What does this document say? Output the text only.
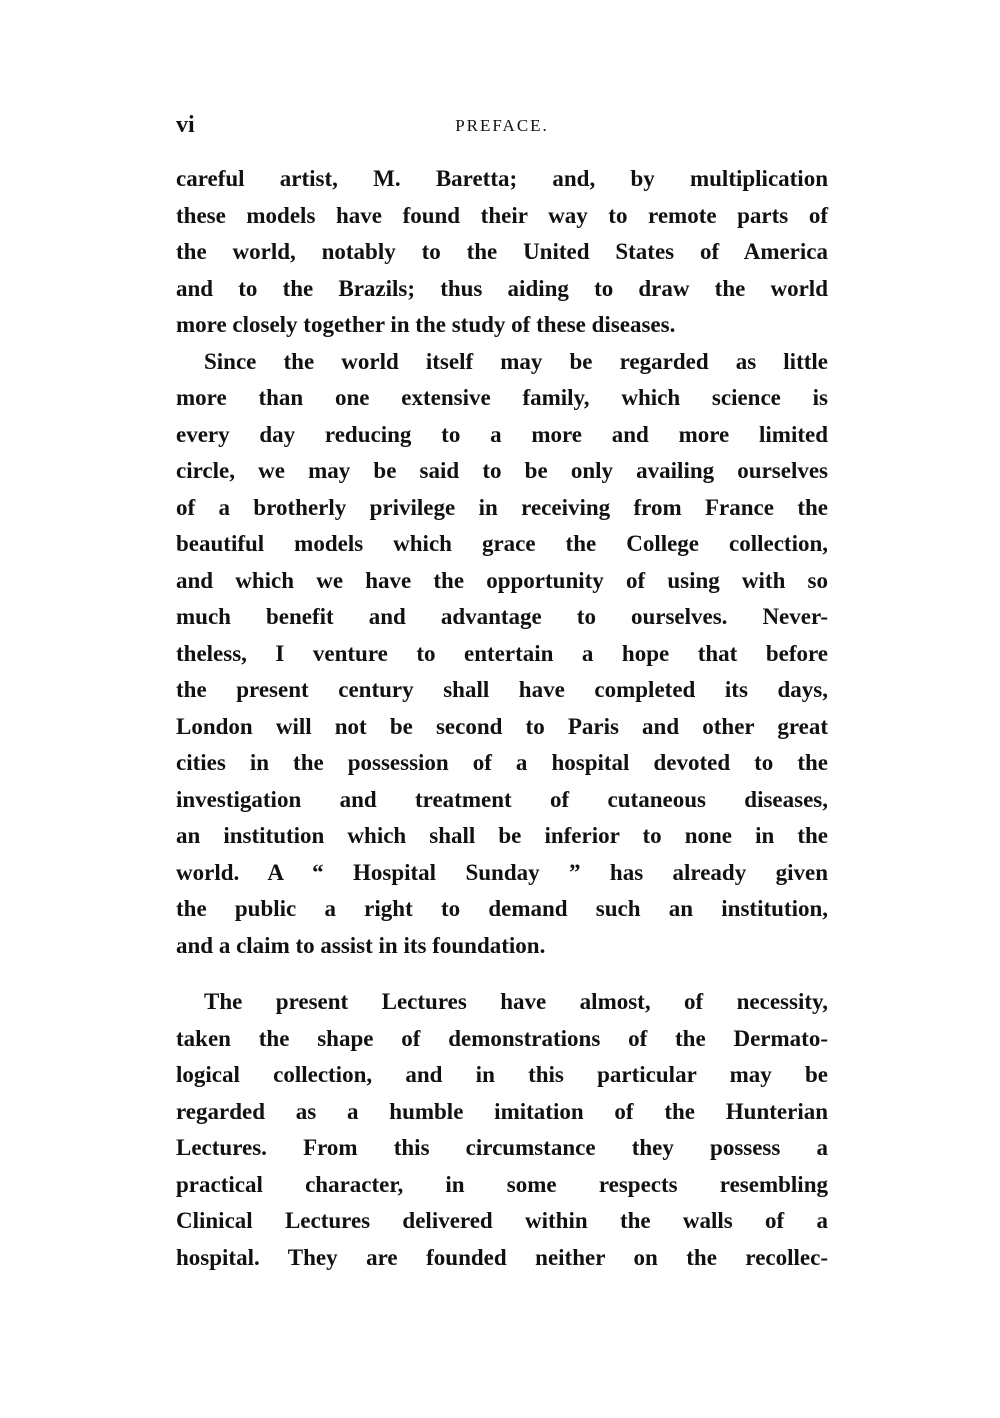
vi	PREFACE.
careful artist, M. Baretta; and, by multiplication
these models have found their way to remote parts of
the world, notably to the United States of America
and to the Brazils; thus aiding to draw the world
more closely together in the study of these diseases.
Since the world itself may be regarded as little
more than one extensive family, which science is
every day reducing to a more and more limited
circle, we may be said to be only availing ourselves
of a brotherly privilege in receiving from France the
beautiful models which grace the College collection,
and which we have the opportunity of using with so
much benefit and advantage to ourselves. Never-
theless, I venture to entertain a hope that before
the present century shall have completed its days,
London will not be second to Paris and other great
cities in the possession of a hospital devoted to the
investigation and treatment of cutaneous diseases,
an institution which shall be inferior to none in the
world. A “ Hospital Sunday ” has already given
the public a right to demand such an institution,
and a claim to assist in its foundation.
The present Lectures have almost, of necessity,
taken the shape of demonstrations of the Dermato-
logical collection, and in this particular may be
regarded as a humble imitation of the Hunterian
Lectures. From this circumstance they possess a
practical character, in some respects resembling
Clinical Lectures delivered within the walls of a
hospital. They are founded neither on the recollec-
